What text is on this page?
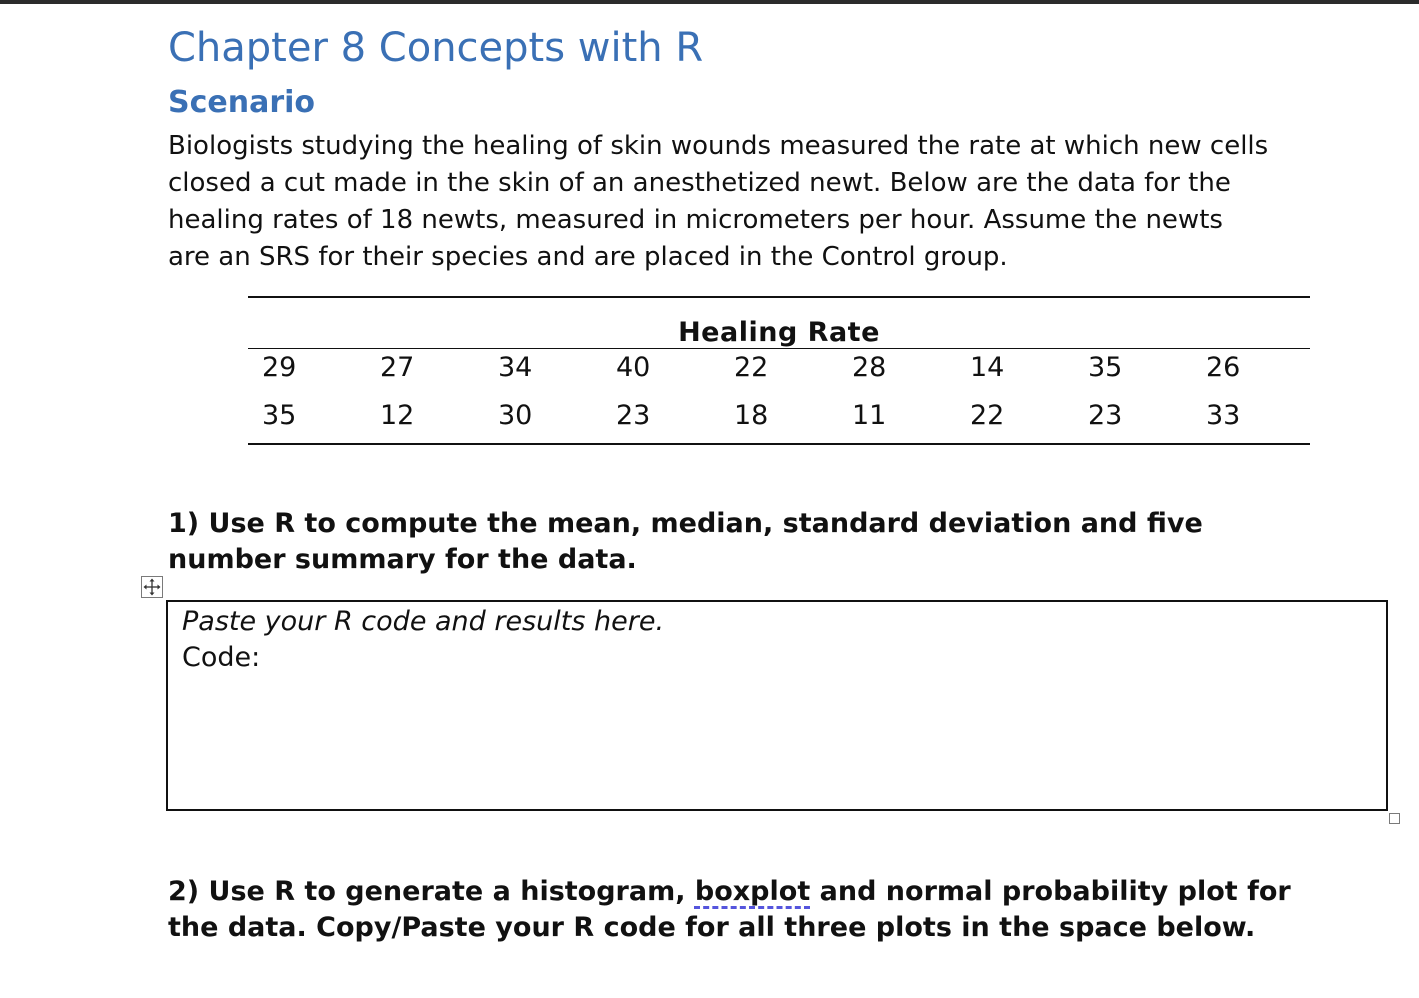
Chapter 8 Concepts with R
Scenario

Biologists studying the healing of skin wounds measured the rate at which new cells
closed a cut made in the skin of an anesthetized newt. Below are the data for the
healing rates of 18 newts, measured in micrometers per hour. Assume the newts
are an SRS for their species and are placed in the Control group.

Healing Rate
29	27	34	40	22	28	14	35	26
35	12	30	23	18	11	22	23	33

1) Use R to compute the mean, median, standard deviation and five
number summary for the data.

Paste your R code and results here.
Code:

2) Use R to generate a histogram, boxplot and normal probability plot for
the data. Copy/Paste your R code for all three plots in the space below.
